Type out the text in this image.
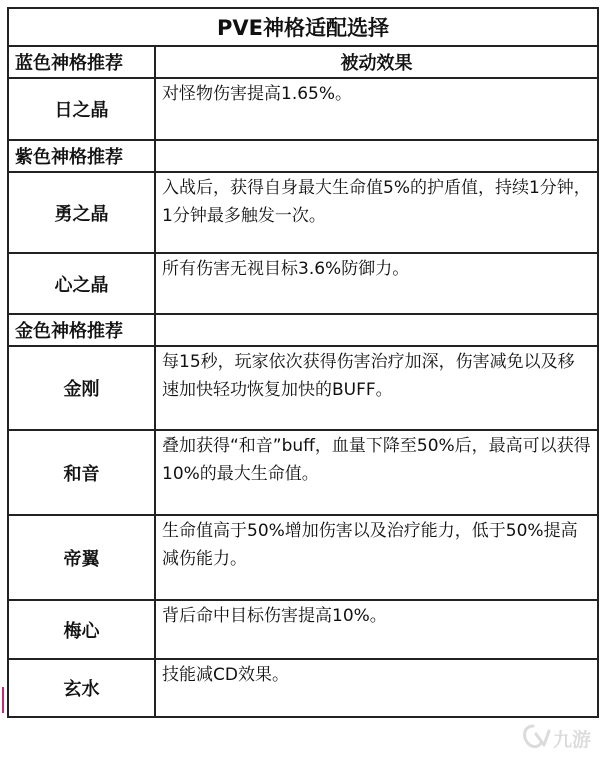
PVE神格适配选择	
蓝色神格推荐	被动效果
日之晶	对怪物伤害提高1.65%。
紫色神格推荐	
勇之晶	入战后，获得自身最大生命值5%的护盾值，持续1分钟，1分钟最多触发一次。
心之晶	所有伤害无视目标3.6%防御力。
金色神格推荐	
金刚	每15秒，玩家依次获得伤害治疗加深，伤害减免以及移速加快轻功恢复加快的BUFF。
和音	叠加获得“和音”buff，血量下降至50%后，最高可以获得10%的最大生命值。
帝翼	生命值高于50%增加伤害以及治疗能力，低于50%提高减伤能力。
梅心	背后命中目标伤害提高10%。
玄水	技能减CD效果。
九游
